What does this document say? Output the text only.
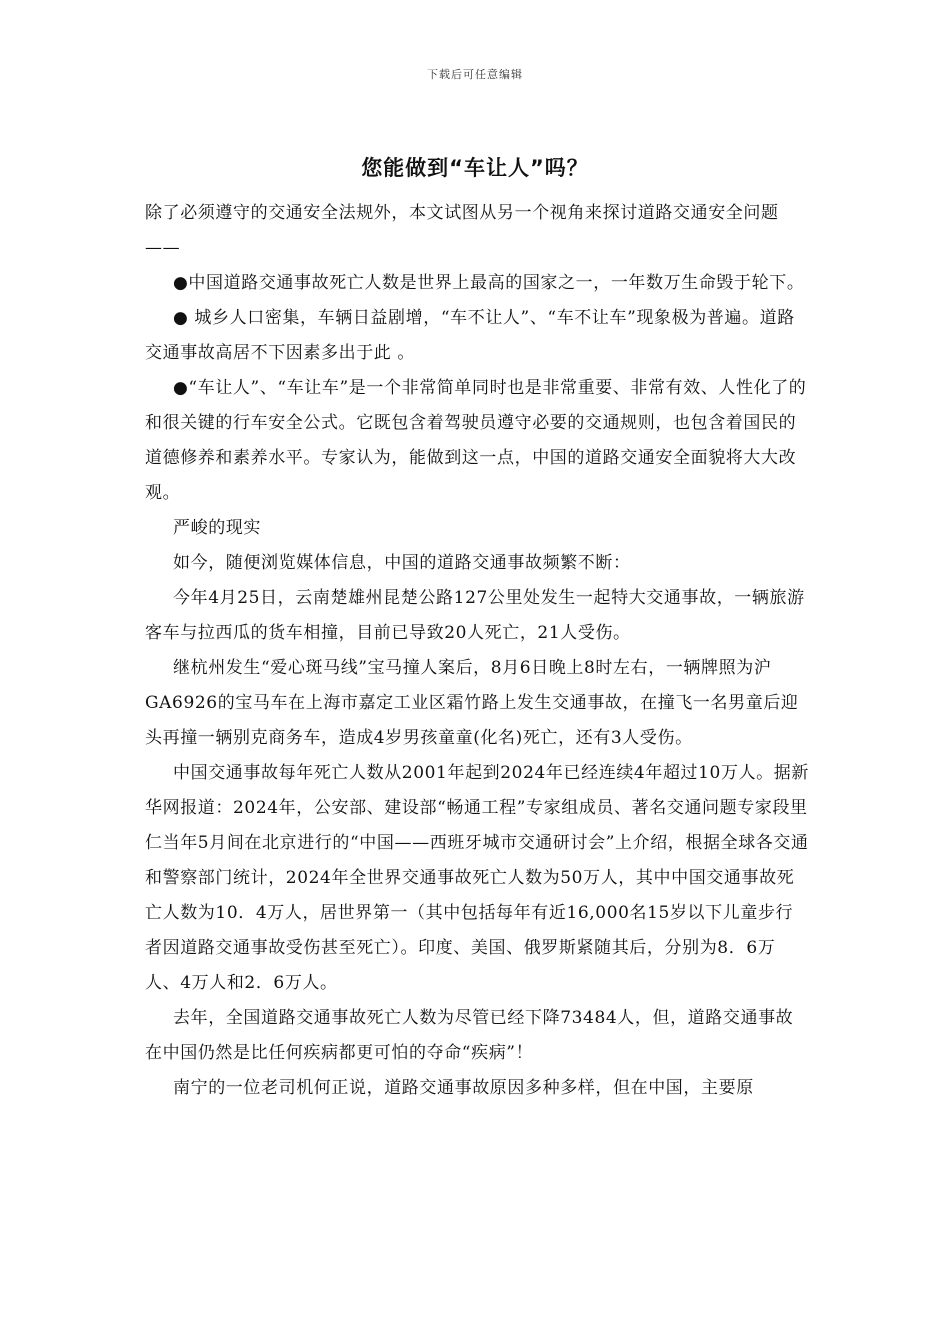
下载后可任意编辑
您能做到“车让人”吗？

除了必须遵守的交通安全法规外，本文试图从另一个视角来探讨道路交通安全问题——

●中国道路交通事故死亡人数是世界上最高的国家之一，一年数万生命毁于轮下。

● 城乡人口密集，车辆日益剧增，“车不让人”、“车不让车”现象极为普遍。道路交通事故高居不下因素多出于此 。

●“车让人”、“车让车”是一个非常简单同时也是非常重要、非常有效、人性化了的和很关键的行车安全公式。它既包含着驾驶员遵守必要的交通规则，也包含着国民的道德修养和素养水平。专家认为，能做到这一点，中国的道路交通安全面貌将大大改观。

严峻的现实

如今，随便浏览媒体信息，中国的道路交通事故频繁不断：

今年4月25日，云南楚雄州昆楚公路127公里处发生一起特大交通事故，一辆旅游客车与拉西瓜的货车相撞，目前已导致20人死亡，21人受伤。

继杭州发生“爱心斑马线”宝马撞人案后，8月6日晚上8时左右，一辆牌照为沪GA6926的宝马车在上海市嘉定工业区霜竹路上发生交通事故，在撞飞一名男童后迎头再撞一辆别克商务车，造成4岁男孩童童(化名)死亡，还有3人受伤。

中国交通事故每年死亡人数从2001年起到2024年已经连续4年超过10万人。据新华网报道：2024年，公安部、建设部“畅通工程”专家组成员、著名交通问题专家段里仁当年5月间在北京进行的“中国——西班牙城市交通研讨会”上介绍，根据全球各交通和警察部门统计，2024年全世界交通事故死亡人数为50万人，其中中国交通事故死亡人数为10．4万人，居世界第一（其中包括每年有近16,000名15岁以下儿童步行者因道路交通事故受伤甚至死亡）。印度、美国、俄罗斯紧随其后，分别为8．6万人、4万人和2．6万人。

去年，全国道路交通事故死亡人数为尽管已经下降73484人，但，道路交通事故在中国仍然是比任何疾病都更可怕的夺命“疾病”！

南宁的一位老司机何正说，道路交通事故原因多种多样，但在中国，主要原
